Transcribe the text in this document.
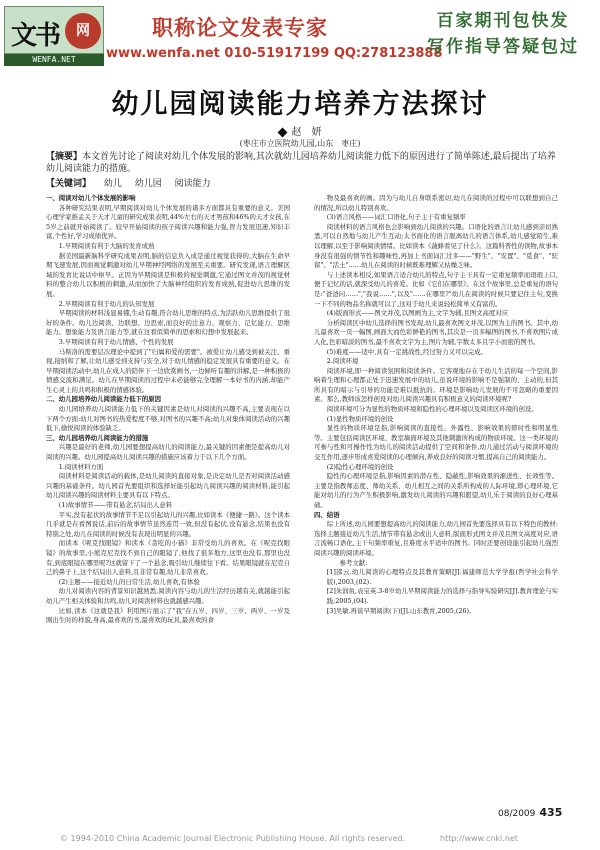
文书	网
WENFA.NET
职称论文发表专家
www.wenfa.net 010-51917199 QQ:278123888
百家期刊包快发
写作指导答疑包过
幼儿园阅读能力培养方法探讨
赵　妍
(枣庄市立医院幼儿园,山东　枣庄)
【摘要】本文首先讨论了阅读对幼儿个体发展的影响,其次就幼儿园培养幼儿阅读能力低下的原因进行了简单陈述,最后提出了培养幼儿阅读能力的措施。
【关键词】 幼儿 幼儿园 阅读能力

一、阅读对幼儿个体发展的影响

各种研究结果表明,早期阅读对幼儿个体发展的诸多方面都具有重要的意义。美国心理学家推孟关于天才儿童的研究成果表明,44%左右的天才男孩和46%的天才女孩,在5岁之前就开始阅读了。较早开始阅读的孩子阅读兴趣和能力强,智力发展迅速,知识丰富,个性好,学习成绩优异。

1.早期阅读有利于大脑的发育成熟

据美国最新脑科学研究成果表明,脑的信息负入成是通过视觉获得的,大脑在生命早期飞速发展,因而视觉刺激对幼儿早期神经网络的发展至关重要。研究发现,语言理解区域的发育比说话中枢早。正因为早期阅读是积极的视觉刺激,它通过图文并茂的视觉材料的整合幼儿以积极的刺激,从而加快了大脑神经组织的发育成熟,促进幼儿思维的发展。

2.早期阅读有利于幼儿的认知发展

早期阅读的材料浅显易懂,生动有趣,符合幼儿思维的特点,为活跃幼儿思维提供了很好的条件。幼儿边阅读、边联想、边思索,而良好的注意力、观察力、记忆能力、思维能力、想象能力及语言能力等,就在这看似简单的思索和幻想中发展起来。

3.早期阅读有利于幼儿情感、个性的发展

马斯洛的需要层次理论中提到了"归属和爱的需要"。被爱让幼儿感受到被关注、重视,接纳和了解,让幼儿感受到支持与安全,对于幼儿情感的稳定发展具有重要的意义。在早期阅读活动中,幼儿在成人的陪伴下一边欣赏画书,一边倾听有趣的讲解,是一种积极的情感交流和满足。幼儿在早期阅读的过程中未必能够完全理解一本好书的内涵,却能产生心灵上的共鸣和积极的情感体验。

二、幼儿园培养幼儿阅读能力低下的原因

幼儿园培养幼儿阅读能力低下的关键因素是幼儿对阅读的兴趣不高,主要表现在以下两个方面:幼儿对图书的热爱程度不够,对图书的兴趣不高;幼儿对集体阅读活动的兴趣低下,偷悦阅读的体验缺乏。

三、幼儿园培养幼儿阅读能力的措施

兴趣是最好的老师,幼儿园要想提高幼儿的阅读能力,最关键的因素便是提高幼儿对阅读的兴趣。幼儿园提高幼儿阅读兴趣的措施应该着力于以下几个方面。

1.阅读材料方面

阅读材料是阅读活动的载体,是幼儿阅读的直接对象,是决定幼儿是否对阅读活动感兴趣的基础条件。幼儿园首先要组织和选择好能引起幼儿阅读兴趣的阅读材料,能引起幼儿阅读兴趣的阅读材料主要具有以下特点。

(1)故事情节——带有悬念,结局出人意料

平实,没有起伏的故事情节不足以引起幼儿的兴趣,比如读本《便捷一路》。这个读本几乎就是在看图说话,前后的故事情节虽然连贯一致,但没有起伏,没有悬念,结果也没有特别之处,幼儿在阅读的时候没有表现出明显的兴趣。

而读本《呢克找眼镜》和读本《贪吃的小猫》非常受幼儿的喜欢。在《呢克找眼镜》的故事里,小熊克尼克找不到自己的眼镜了,他找了很多地方,这里也没有,那里也没有,到底眼镜在哪里呢?这就留下了一个悬念,吸引幼儿继续往下看。结果眼镜就在尼克自己的鼻子上,这个结局出人意料,且非常有趣,幼儿非常喜欢。

(2)主题——接近幼儿的日常生活,幼儿喜欢,有体验

幼儿对阅读内容的背景知识越熟悉,阅读内容与幼儿的生活经历越有关,就越能引起幼儿产生相关体验和共鸣,幼儿对阅读材料也就越感兴趣。

比如,读本《这就是我》利用图片展示了"我"在五岁、四岁、三岁、两岁、一岁及刚出生时的样貌,身高,最喜欢的书,最喜欢的玩具,最喜欢的食

物及最喜欢的画。因为与幼儿自身联系密切,幼儿在阅读的过程中可以联想到自己的情况,所以幼儿特别喜欢。

(3)语言风格——词汇口语化,句子主干有重复频率

阅读材料的语言风格也会影响到幼儿阅读的兴趣。口语化的语言让幼儿感到亲切熟悉,可以自然地与幼儿产生互动;太书面化的语言脱离幼儿的语言体系,幼儿感觉陌生,难以理解,以至于影响阅读情绪。比如读本《蔬蜂看见了什么》。这篇科普性的读物,故事本身没有很强的情节性和趣味性,再加上书面词汇过多——"野生"、"安置"、"觅食"、"驻留"、"活土"……幼儿在阅读的时候既难理解又枯燥乏味。

与上述读本相反,如果语言适合幼儿的特点,句子主干具有一定重复频率而琅琅上口,便于记忆的话,就深受幼儿的喜爱。比如《它们在哪里》。在这个故事里,总是重复的语句是:"爸爸问……","我说……",以及"……在哪里?"幼儿在阅读的时候只要记住主句,变换一下不同的物品名称就可以了,这对于幼儿来说轻松简单又有富的。

(4)版面形式——图文并茂,以图画为主,文字为辅,且图文高度对应

分析阅读区中幼儿选择的图书发现,幼儿最喜欢图文并茂,以图为主的图书。其中,幼儿最喜欢一页一幅图,画面大而色彩鲜艳的图书,其次是一页多幅图的图书,不喜欢图片成人化,色彩暗淡的图书,最不喜欢文字为主,图片为辅,字数太多且字小而密的图书。

(5)难度——适中,具有一定挑战性,经过努力又可以完成。

2.阅读环境

阅读环境,即一种阅读氛围和阅读条件。它客观地存在于幼儿生活的每一个空间,影响着生理和心理都正处于迅速发展中的幼儿,虽说环境的影响不是强制的、主动的,但其所具有的暗示与引导的功能是难以抵抗的。环境是影响幼儿发展的不可忽略的重要因素。那么,教师该怎样创设对幼儿阅读兴趣具有积极意义的阅读环境呢?

阅读环境可分为显性的物质环境和隐性的心理环境以及阅读区环境的创设。

(1)显性物质环境的创设

显性的物质环境是指,影响阅读的直接性、外露性、影响效果的即时性和明显性等。主要包括阅读区环境、教室墙面环境及其他刺激所构成的物质环境。这一类环境的可参与性和可操作性为幼儿的阅读活动提供了空间和条件,幼儿通过活动与阅读环境的交互作用,逐步形成喜爱阅读的心理倾向,养成良好的阅读习惯,提高自己的阅读能力。

(2)隐性心理环境的创设

隐性的心理环境是指,影响因素的潜在性、隐蔽性,影响效果的渐进性、长效性等。主要是指教师态度、师幼关系、幼儿相互之间的关系所构成的人际环境,即心理环境,它能对幼儿的行为产生积极影响,激发幼儿阅读的兴趣和愿望,幼儿乐于阅读的良好心理基础。

四、结语

综上所述,幼儿园要想提高幼儿的阅读能力,幼儿园首先要选择具有以下特色的教材:选择主题接近幼儿生活,情节带有悬念或出人意料,版面形式图文并茂且图文高度对应,语言流畅口语化,主干句频率重复,且难度水平适中的图书。同时还要创设能引起幼儿强烈阅读兴趣的阅读环境。

参考文献:

[1]邵云.幼儿阅读的心理特点及其教育策略[J].福建师范大学学报(哲学社会科学版),2003,(02).

[2]朱润鱼,袁宝英.3-8岁幼儿早期阅读能力的选择与指导实验研究[J].教育理论与实践,2005,(04).

[3]吴敏.再谈早期阅读(下)[J].山东教育,2005,(26).

08/2009 435
© 1994-2010 China Academic Journal Electronic Publishing House. All rights reserved.	http://www.cnki.net
